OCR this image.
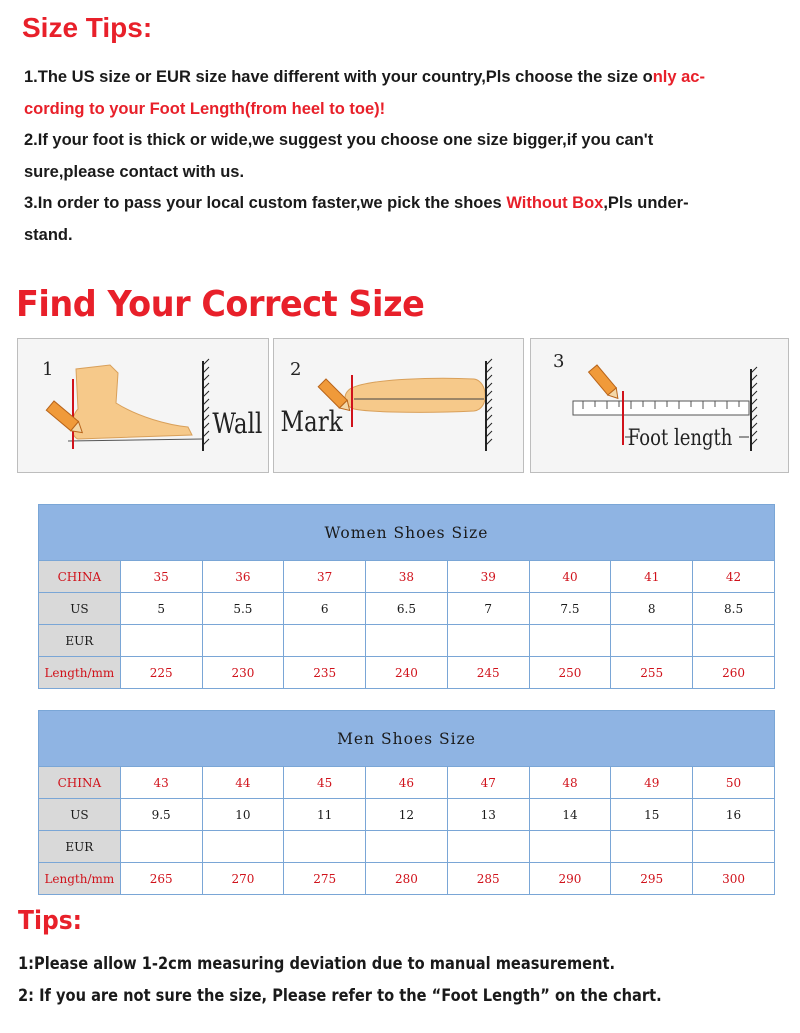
Size Tips:

1.The US size or EUR size have different with your country,Pls choose the size only ac-

cording to your Foot Length(from heel to toe)!

2.If your foot is thick or wide,we suggest you choose one size bigger,if you can't

sure,please contact with us.

3.In order to pass your local custom faster,we pick the shoes Without Box,Pls under-

stand.

Find Your Correct Size
1
Wall
2
Mark
3
Foot length
Women Shoes Size								
CHINA	35	36	37	38	39	40	41	42
US	5	5.5	6	6.5	7	7.5	8	8.5
EUR								
Length/mm	225	230	235	240	245	250	255	260
Men Shoes Size								
CHINA	43	44	45	46	47	48	49	50
US	9.5	10	11	12	13	14	15	16
EUR								
Length/mm	265	270	275	280	285	290	295	300
Tips:
1:Please allow 1-2cm measuring deviation due to manual measurement.
2: If you are not sure the size, Please refer to the “Foot Length” on the chart.
